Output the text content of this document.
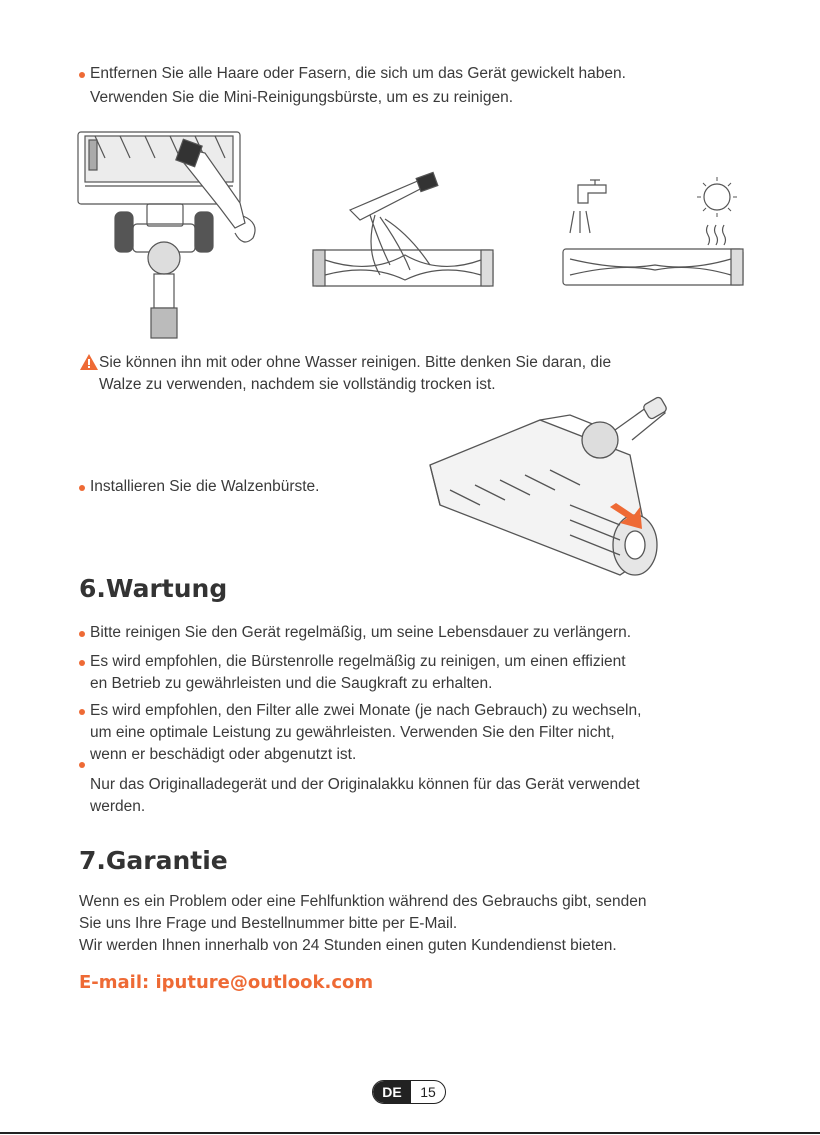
Entfernen Sie alle Haare oder Fasern, die sich um das Gerät gewickelt haben.
Verwenden Sie die Mini-Reinigungsbürste, um es zu reinigen.
Sie können ihn mit oder ohne Wasser reinigen. Bitte denken Sie daran, die
Walze zu verwenden, nachdem sie vollständig trocken ist.
Installieren Sie die Walzenbürste.
6.Wartung
Bitte reinigen Sie den Gerät regelmäßig, um seine Lebensdauer zu verlängern.
Es wird empfohlen, die Bürstenrolle regelmäßig zu reinigen, um einen effizient
en Betrieb zu gewährleisten und die Saugkraft zu erhalten.
Es wird empfohlen, den Filter alle zwei Monate (je nach Gebrauch) zu wechseln,
um eine optimale Leistung zu gewährleisten. Verwenden Sie den Filter nicht,
wenn er beschädigt oder abgenutzt ist.
Nur das Originalladegerät und der Originalakku können für das Gerät verwendet
werden.
7.Garantie
Wenn es ein Problem oder eine Fehlfunktion während des Gebrauchs gibt, senden
Sie uns Ihre Frage und Bestellnummer bitte per E-Mail.
Wir werden Ihnen innerhalb von 24 Stunden einen guten Kundendienst bieten.
E-mail: iputure@outlook.com
DE	15
